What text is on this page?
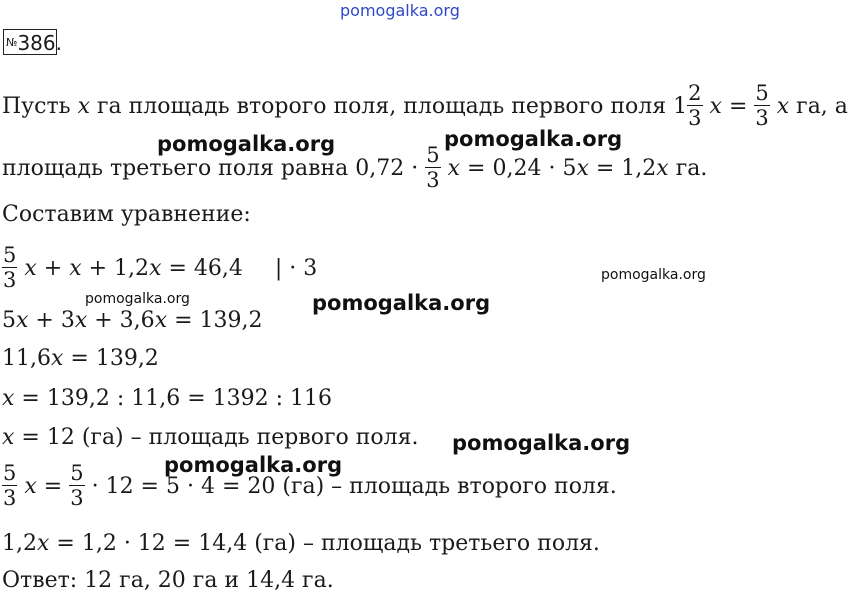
pomogalka.org
pomogalka.org	pomogalka.org
pomogalka.org
pomogalka.org	pomogalka.org
pomogalka.org
pomogalka.org
№386.
Пусть x га площадь второго поля, площадь первого поля $1 \frac{2}{3}$ $x = \frac{5}{3}$ x га, а
площадь третьего поля равна $0,72 \cdot \frac{5}{3}$ x = 0,24 · 5x = 1,2x га.
Составим уравнение:
$\frac{5}{3}$ x + x + 1,2x = 46,4 | · 3
5x + 3x + 3,6x = 139,2
11,6x = 139,2
x = 139,2 : 11,6 = 1392 : 116
x = 12 (га) – площадь первого поля.
$\frac{5}{3}$ $x = \frac{5}{3} \cdot 12 = 5 \cdot 4 = 20$ (га) – площадь второго поля.
1,2x = 1,2 · 12 = 14,4 (га) – площадь третьего поля.
Ответ: 12 га, 20 га и 14,4 га.
